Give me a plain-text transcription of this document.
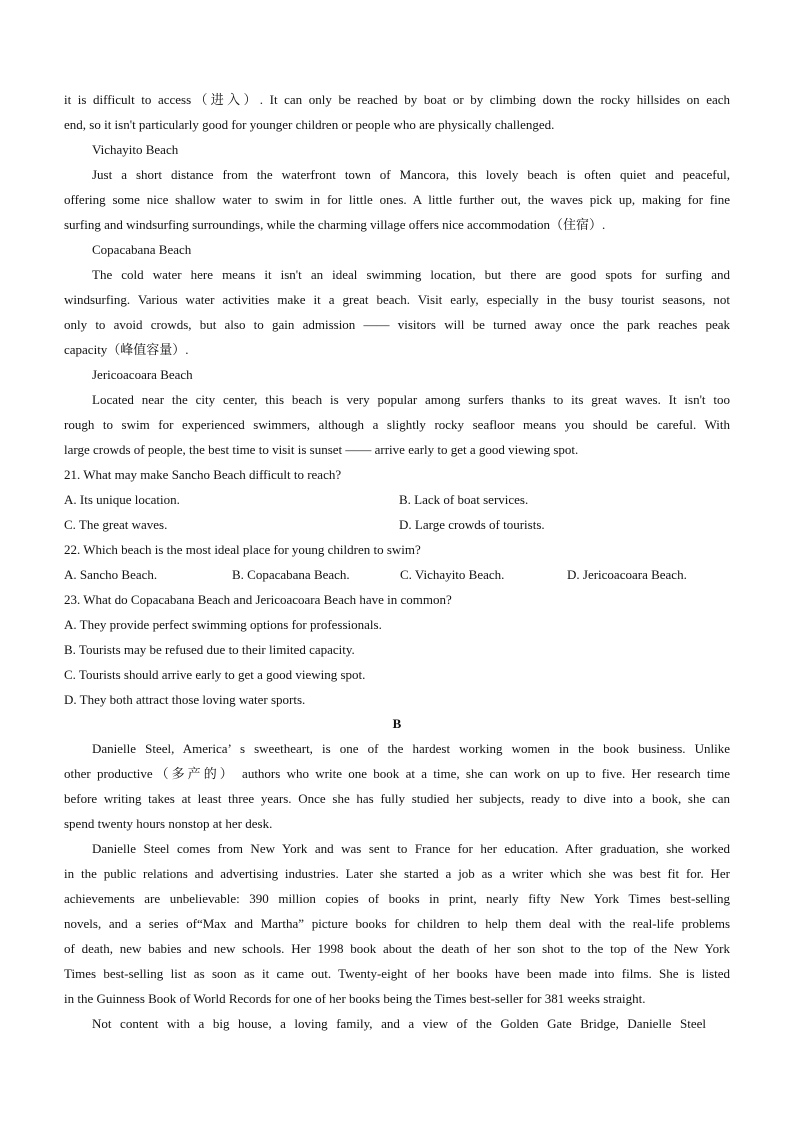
it is difficult to access（进入）. It can only be reached by boat or by climbing down the rocky hillsides on each
end, so it isn't particularly good for younger children or people who are physically challenged.
Vichayito Beach
Just a short distance from the waterfront town of Mancora, this lovely beach is often quiet and peaceful,
offering some nice shallow water to swim in for little ones. A little further out, the waves pick up, making for fine
surfing and windsurfing surroundings, while the charming village offers nice accommodation（住宿）.
Copacabana Beach
The cold water here means it isn't an ideal swimming location, but there are good spots for surfing and
windsurfing. Various water activities make it a great beach. Visit early, especially in the busy tourist seasons, not
only to avoid crowds, but also to gain admission —— visitors will be turned away once the park reaches peak
capacity（峰值容量）.
Jericoacoara Beach
Located near the city center, this beach is very popular among surfers thanks to its great waves. It isn't too
rough to swim for experienced swimmers, although a slightly rocky seafloor means you should be careful. With
large crowds of people, the best time to visit is sunset —— arrive early to get a good viewing spot.
21. What may make Sancho Beach difficult to reach?
A. Its unique location.	B. Lack of boat services.
C. The great waves.	D. Large crowds of tourists.
22. Which beach is the most ideal place for young children to swim?
A. Sancho Beach.	B. Copacabana Beach.	C. Vichayito Beach.	D. Jericoacoara Beach.
23. What do Copacabana Beach and Jericoacoara Beach have in common?
A. They provide perfect swimming options for professionals.
B. Tourists may be refused due to their limited capacity.
C. Tourists should arrive early to get a good viewing spot.
D. They both attract those loving water sports.
B
Danielle Steel, America’ s sweetheart, is one of the hardest working women in the book business. Unlike
other productive（多产的） authors who write one book at a time, she can work on up to five. Her research time
before writing takes at least three years. Once she has fully studied her subjects, ready to dive into a book, she can
spend twenty hours nonstop at her desk.
Danielle Steel comes from New York and was sent to France for her education. After graduation, she worked
in the public relations and advertising industries. Later she started a job as a writer which she was best fit for. Her
achievements are unbelievable: 390 million copies of books in print, nearly fifty New York Times best-selling
novels, and a series of“Max and Martha” picture books for children to help them deal with the real-life problems
of death, new babies and new schools. Her 1998 book about the death of her son shot to the top of the New York
Times best-selling list as soon as it came out. Twenty-eight of her books have been made into films. She is listed
in the Guinness Book of World Records for one of her books being the Times best-seller for 381 weeks straight.
Not content with a big house, a loving family, and a view of the Golden Gate Bridge, Danielle Steel
